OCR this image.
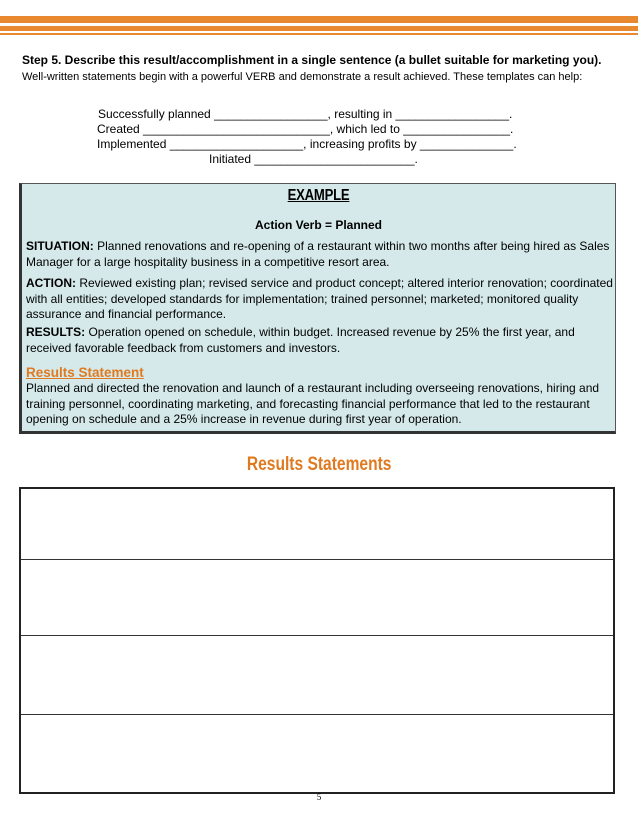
Step 5. Describe this result/accomplishment in a single sentence (a bullet suitable for marketing you). Well-written statements begin with a powerful VERB and demonstrate a result achieved. These templates can help:
Successfully planned _________________, resulting in _________________.
Created ____________________________, which led to ________________.
Implemented ____________________, increasing profits by ______________.
Initiated ________________________.
EXAMPLE
Action Verb = Planned
SITUATION: Planned renovations and re-opening of a restaurant within two months after being hired as Sales Manager for a large hospitality business in a competitive resort area.
ACTION: Reviewed existing plan; revised service and product concept; altered interior renovation; coordinated with all entities; developed standards for implementation; trained personnel; marketed; monitored quality assurance and financial performance.
RESULTS: Operation opened on schedule, within budget. Increased revenue by 25% the first year, and received favorable feedback from customers and investors.
Results Statement
Planned and directed the renovation and launch of a restaurant including overseeing renovations, hiring and training personnel, coordinating marketing, and forecasting financial performance that led to the restaurant opening on schedule and a 25% increase in revenue during first year of operation.
Results Statements
5
